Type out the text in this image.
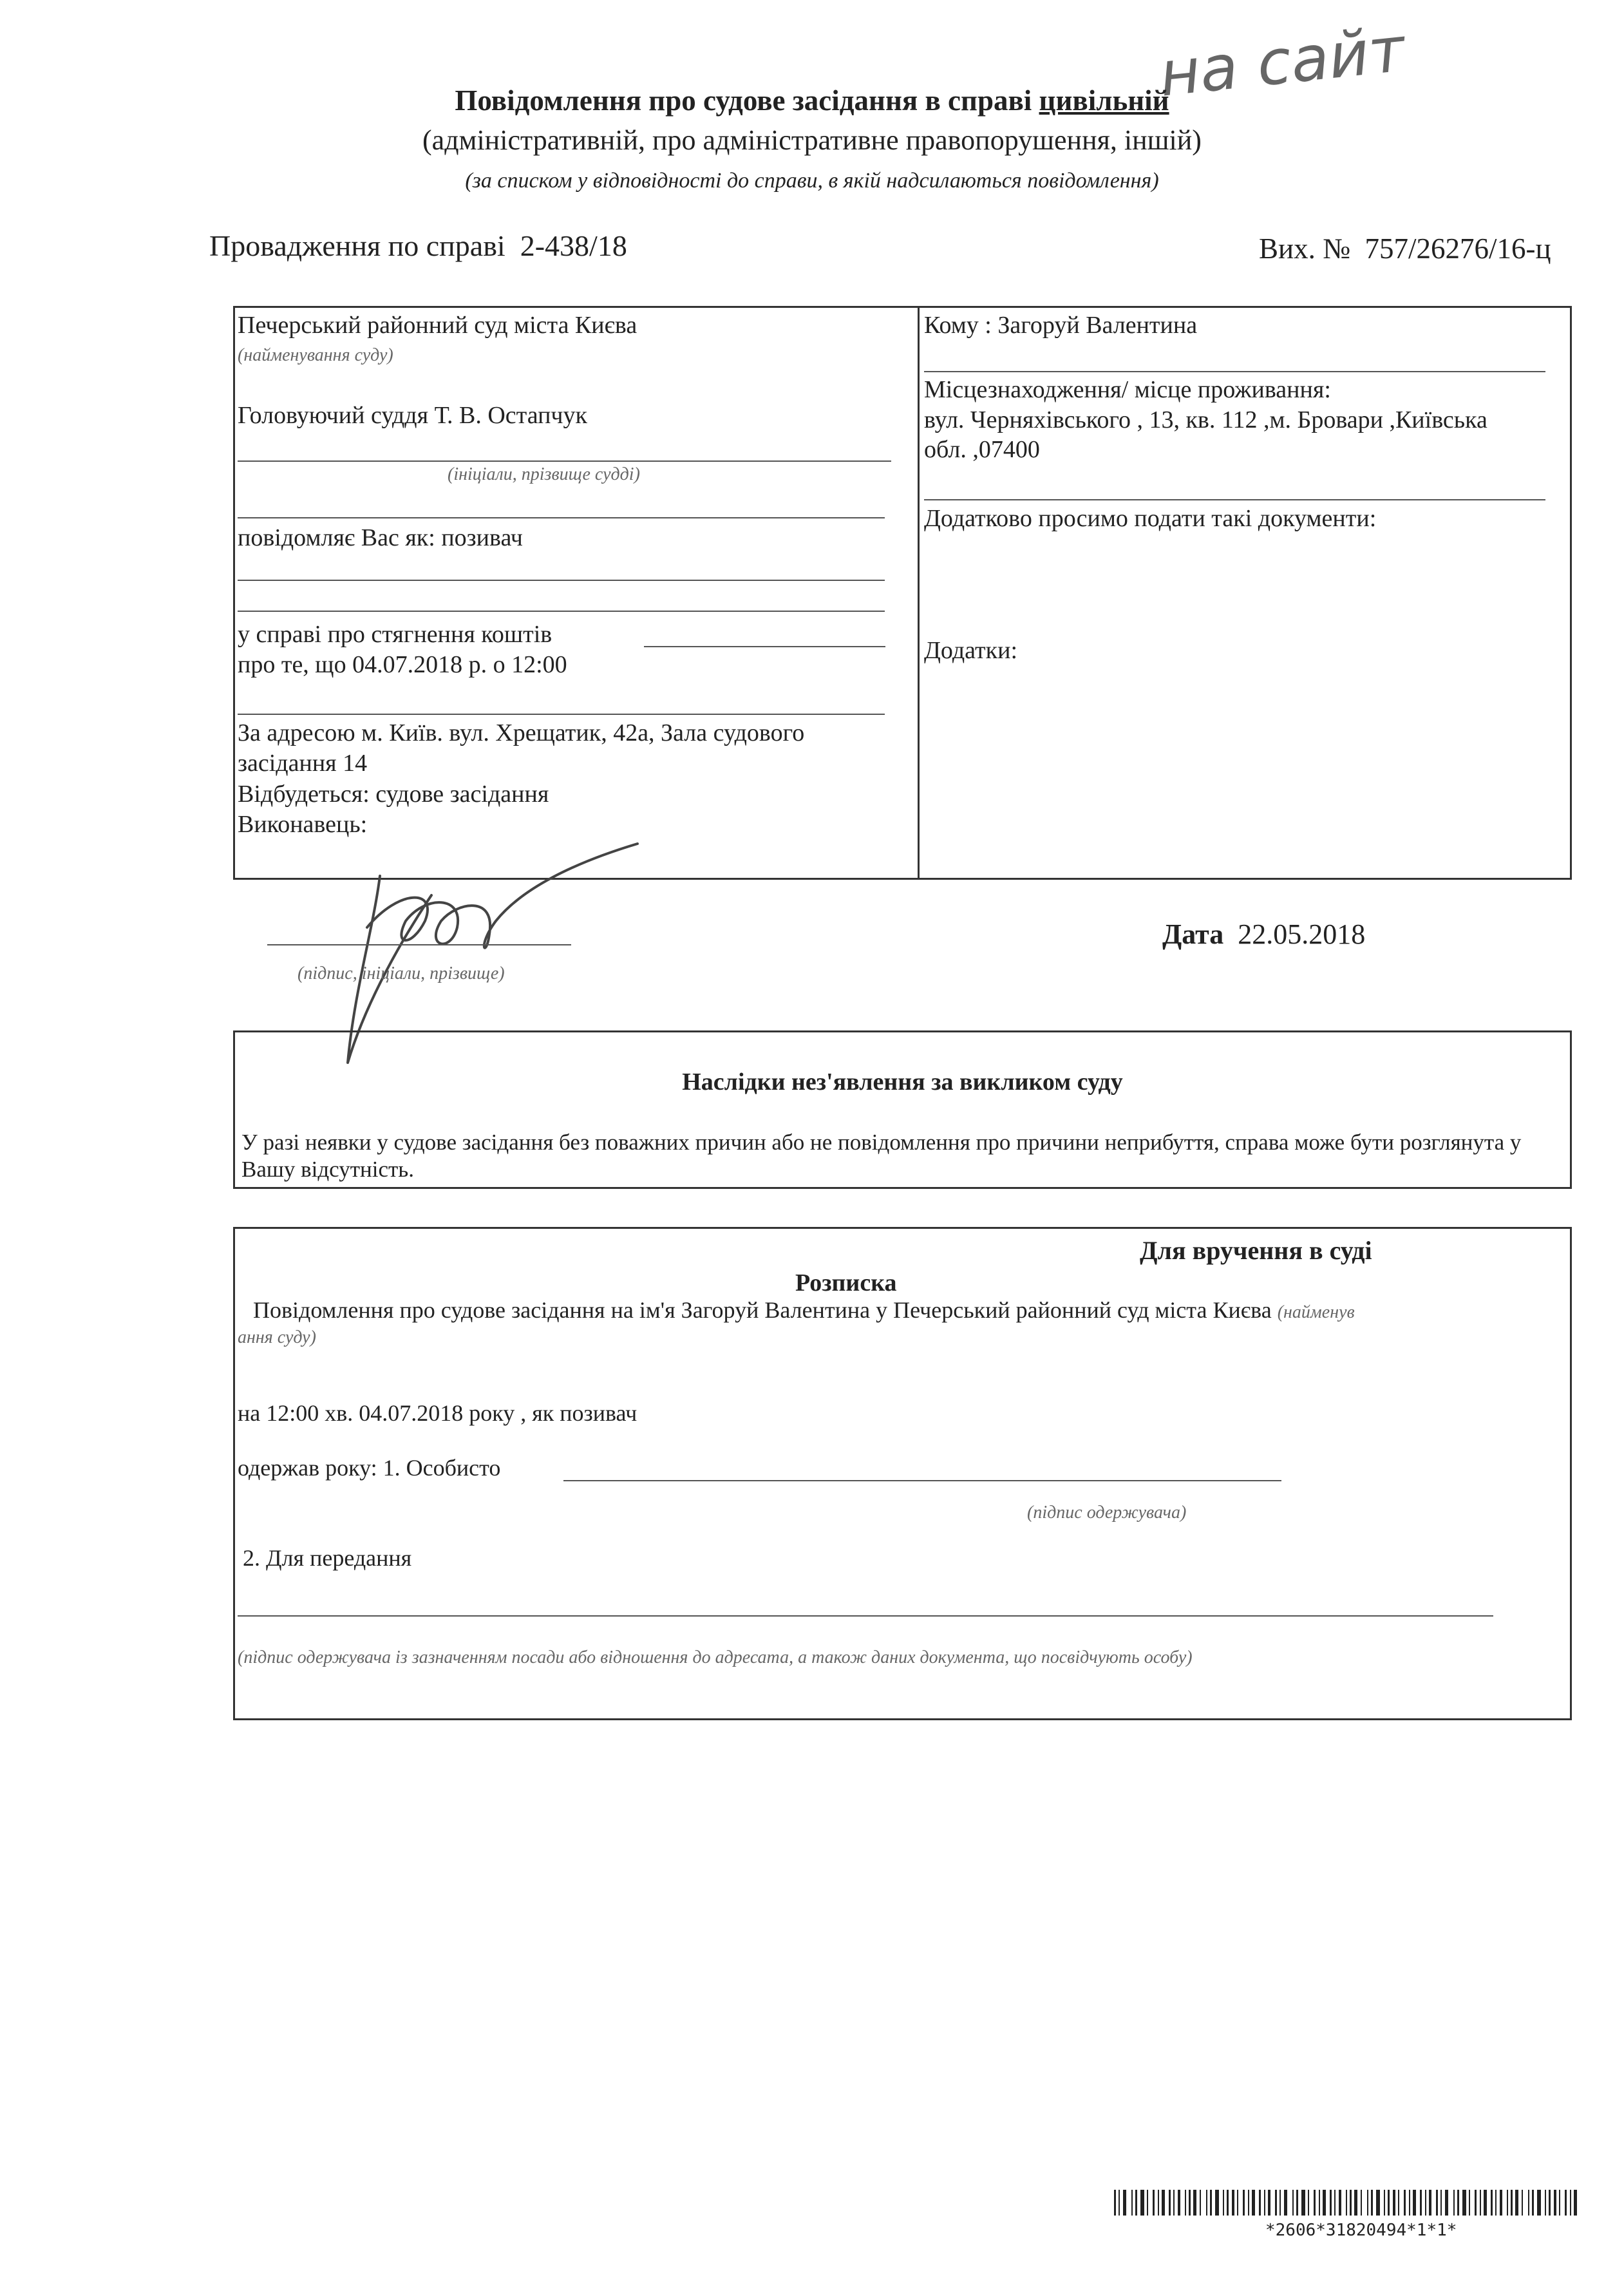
на сайт
Повідомлення про судове засідання в справі цивільній
(адміністративній, про адміністративне правопорушення, іншій)
(за списком у відповідності до справи, в якій надсилаються повідомлення)
Провадження по справі 2-438/18	Вих. № 757/26276/16-ц
Печерський районний суд міста Києва
(найменування суду)
Головуючий суддя Т. В. Остапчук
(ініціали, прізвище судді)
повідомляє Вас як: позивач
у справі про стягнення коштів
про те, що 04.07.2018 р. о 12:00
За адресою м. Київ. вул. Хрещатик, 42а, Зала судового
засідання 14
Відбудеться: судове засідання
Виконавець:
Кому : Загоруй Валентина
Місцезнаходження/ місце проживання:
вул. Черняхівського , 13, кв. 112 ,м. Бровари ,Київська
обл. ,07400
Додатково просимо подати такі документи:
Додатки:
(підпис, ініціали, прізвище)
Дата 22.05.2018
Наслідки нез'явлення за викликом суду
У разі неявки у судове засідання без поважних причин або не повідомлення про причини неприбуття, справа може бути розглянута у Вашу відсутність.
Для вручення в суді
Розписка
Повідомлення про судове засідання на ім'я Загоруй Валентина у Печерський районний суд міста Києва (найменув
ання суду)
на 12:00 хв. 04.07.2018 року , як позивач
одержав року: 1. Особисто
(підпис одержувача)
2. Для передання
(підпис одержувача із зазначенням посади або відношення до адресата, а також даних документа, що посвідчують особу)
*2606*31820494*1*1*
